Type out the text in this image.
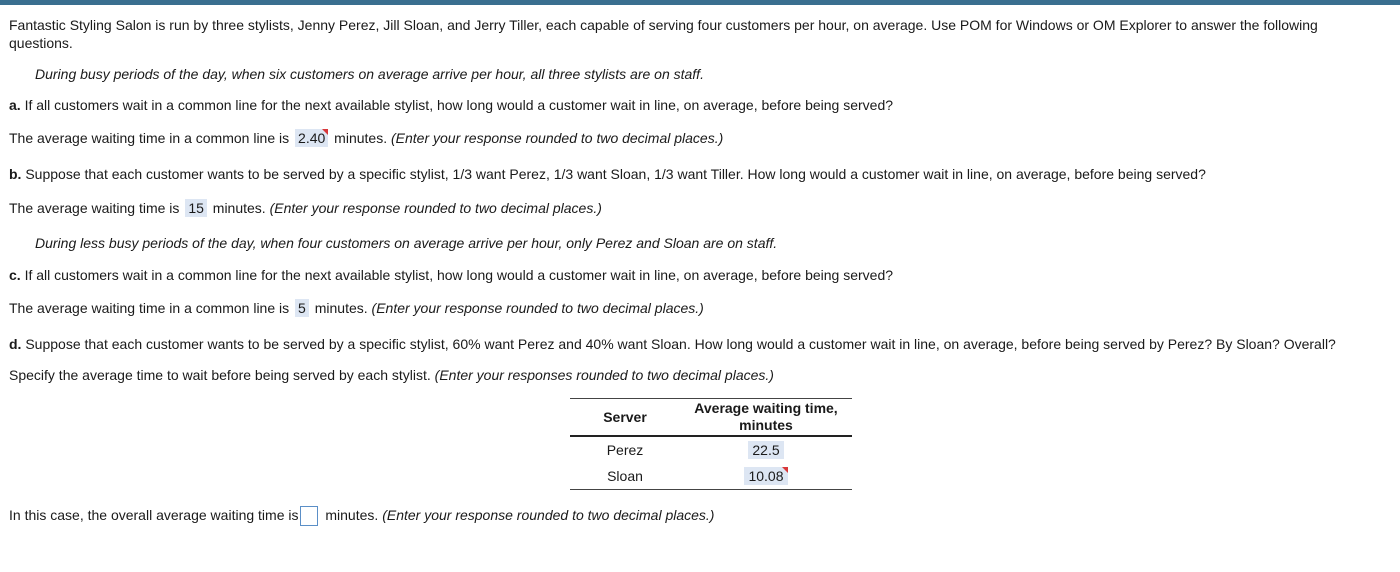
Fantastic Styling Salon is run by three stylists, Jenny Perez, Jill Sloan, and Jerry Tiller, each capable of serving four customers per hour, on average. Use POM for Windows or OM Explorer to answer the following questions.
During busy periods of the day, when six customers on average arrive per hour, all three stylists are on staff.
a. If all customers wait in a common line for the next available stylist, how long would a customer wait in line, on average, before being served?
The average waiting time in a common line is 2.40 minutes. (Enter your response rounded to two decimal places.)
b. Suppose that each customer wants to be served by a specific stylist, 1/3 want Perez, 1/3 want Sloan, 1/3 want Tiller. How long would a customer wait in line, on average, before being served?
The average waiting time is 15 minutes. (Enter your response rounded to two decimal places.)
During less busy periods of the day, when four customers on average arrive per hour, only Perez and Sloan are on staff.
c. If all customers wait in a common line for the next available stylist, how long would a customer wait in line, on average, before being served?
The average waiting time in a common line is 5 minutes. (Enter your response rounded to two decimal places.)
d. Suppose that each customer wants to be served by a specific stylist, 60% want Perez and 40% want Sloan. How long would a customer wait in line, on average, before being served by Perez? By Sloan? Overall?
Specify the average time to wait before being served by each stylist. (Enter your responses rounded to two decimal places.)
Server	Average waiting time, minutes
Perez	22.5
Sloan	10.08
In this case, the overall average waiting time is minutes. (Enter your response rounded to two decimal places.)
